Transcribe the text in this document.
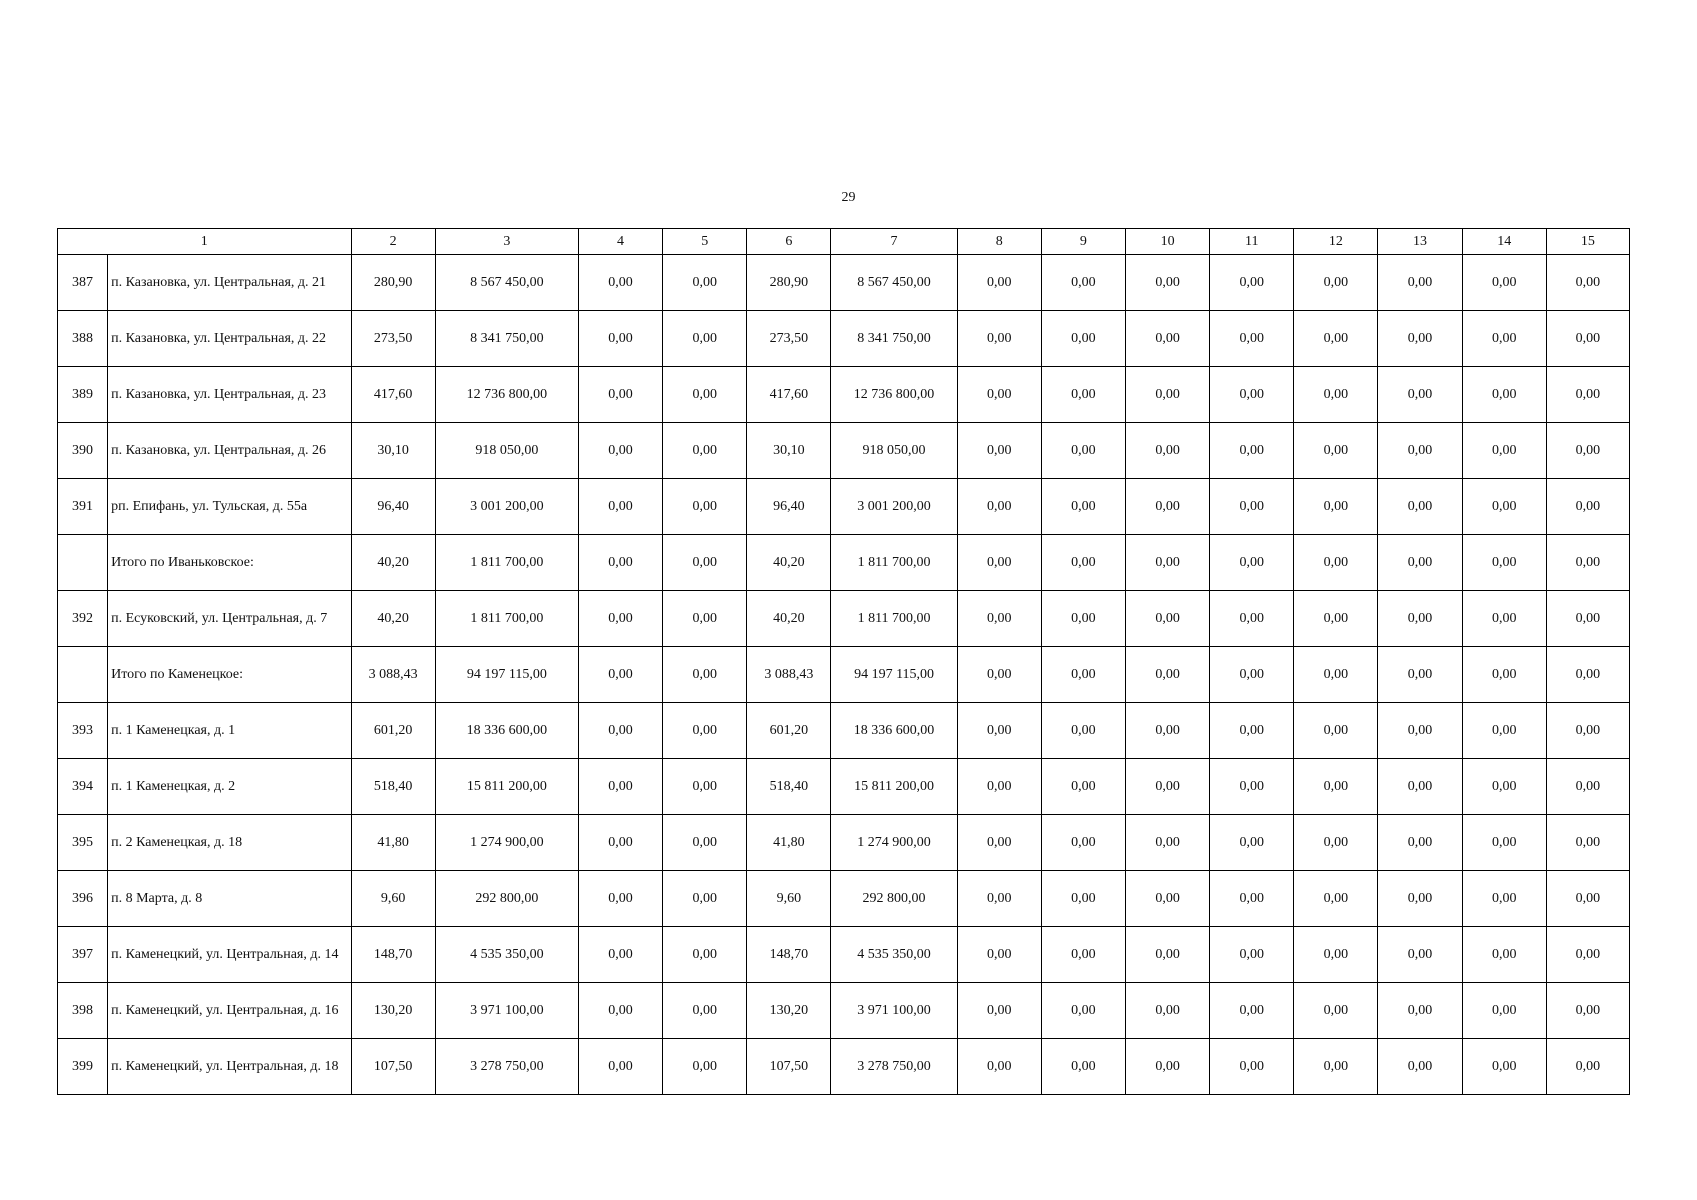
29
1		2	3	4	5	6	7	8	9	10	11	12	13	14	15
387	п. Казановка, ул. Центральная, д. 21	280,90	8 567 450,00	0,00	0,00	280,90	8 567 450,00	0,00	0,00	0,00	0,00	0,00	0,00	0,00	0,00
388	п. Казановка, ул. Центральная, д. 22	273,50	8 341 750,00	0,00	0,00	273,50	8 341 750,00	0,00	0,00	0,00	0,00	0,00	0,00	0,00	0,00
389	п. Казановка, ул. Центральная, д. 23	417,60	12 736 800,00	0,00	0,00	417,60	12 736 800,00	0,00	0,00	0,00	0,00	0,00	0,00	0,00	0,00
390	п. Казановка, ул. Центральная, д. 26	30,10	918 050,00	0,00	0,00	30,10	918 050,00	0,00	0,00	0,00	0,00	0,00	0,00	0,00	0,00
391	рп. Епифань, ул. Тульская, д. 55а	96,40	3 001 200,00	0,00	0,00	96,40	3 001 200,00	0,00	0,00	0,00	0,00	0,00	0,00	0,00	0,00
	Итого по Иваньковское:	40,20	1 811 700,00	0,00	0,00	40,20	1 811 700,00	0,00	0,00	0,00	0,00	0,00	0,00	0,00	0,00
392	п. Есуковский, ул. Центральная, д. 7	40,20	1 811 700,00	0,00	0,00	40,20	1 811 700,00	0,00	0,00	0,00	0,00	0,00	0,00	0,00	0,00
	Итого по Каменецкое:	3 088,43	94 197 115,00	0,00	0,00	3 088,43	94 197 115,00	0,00	0,00	0,00	0,00	0,00	0,00	0,00	0,00
393	п. 1 Каменецкая, д. 1	601,20	18 336 600,00	0,00	0,00	601,20	18 336 600,00	0,00	0,00	0,00	0,00	0,00	0,00	0,00	0,00
394	п. 1 Каменецкая, д. 2	518,40	15 811 200,00	0,00	0,00	518,40	15 811 200,00	0,00	0,00	0,00	0,00	0,00	0,00	0,00	0,00
395	п. 2 Каменецкая, д. 18	41,80	1 274 900,00	0,00	0,00	41,80	1 274 900,00	0,00	0,00	0,00	0,00	0,00	0,00	0,00	0,00
396	п. 8 Марта, д. 8	9,60	292 800,00	0,00	0,00	9,60	292 800,00	0,00	0,00	0,00	0,00	0,00	0,00	0,00	0,00
397	п. Каменецкий, ул. Центральная, д. 14	148,70	4 535 350,00	0,00	0,00	148,70	4 535 350,00	0,00	0,00	0,00	0,00	0,00	0,00	0,00	0,00
398	п. Каменецкий, ул. Центральная, д. 16	130,20	3 971 100,00	0,00	0,00	130,20	3 971 100,00	0,00	0,00	0,00	0,00	0,00	0,00	0,00	0,00
399	п. Каменецкий, ул. Центральная, д. 18	107,50	3 278 750,00	0,00	0,00	107,50	3 278 750,00	0,00	0,00	0,00	0,00	0,00	0,00	0,00	0,00
